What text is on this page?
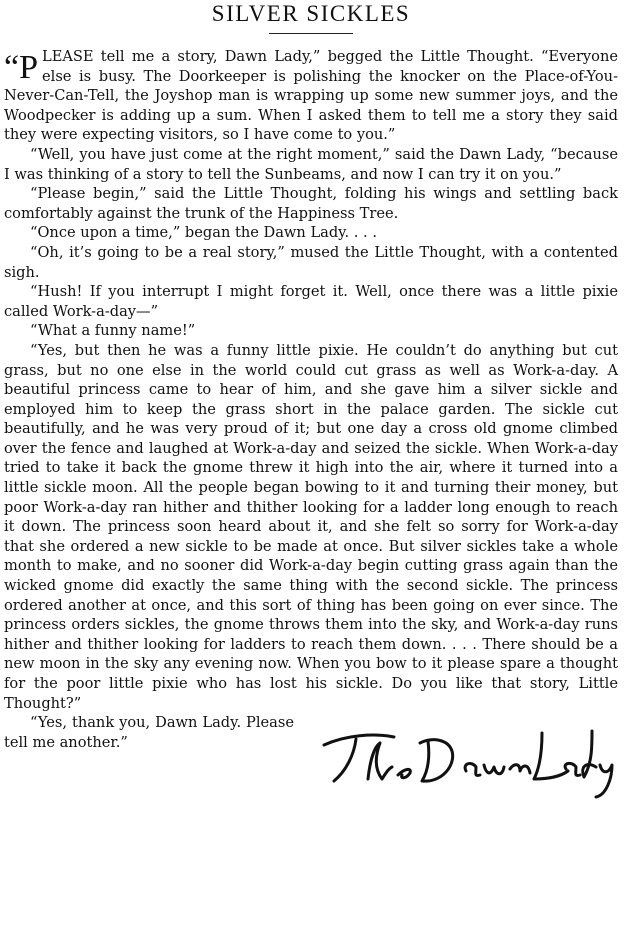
SILVER SICKLES

“P LEASE tell me a story, Dawn Lady,” begged the Little Thought. “Everyone else is busy. The Doorkeeper is polishing the knocker on the Place-of-You-Never-Can-Tell, the Joyshop man is wrapping up some new summer joys, and the Woodpecker is adding up a sum. When I asked them to tell me a story they said they were expecting visitors, so I have come to you.”

“Well, you have just come at the right moment,” said the Dawn Lady, “because I was thinking of a story to tell the Sunbeams, and now I can try it on you.”

“Please begin,” said the Little Thought, folding his wings and settling back comfortably against the trunk of the Happiness Tree.

“Once upon a time,” began the Dawn Lady. . . .

“Oh, it’s going to be a real story,” mused the Little Thought, with a contented sigh.

“Hush! If you interrupt I might forget it. Well, once there was a little pixie called Work-a-day—”

“What a funny name!”

“Yes, but then he was a funny little pixie. He couldn’t do anything but cut grass, but no one else in the world could cut grass as well as Work-a-day. A beautiful princess came to hear of him, and she gave him a silver sickle and employed him to keep the grass short in the palace garden. The sickle cut beautifully, and he was very proud of it; but one day a cross old gnome climbed over the fence and laughed at Work-a-day and seized the sickle. When Work-a-day tried to take it back the gnome threw it high into the air, where it turned into a little sickle moon. All the people began bowing to it and turning their money, but poor Work-a-day ran hither and thither looking for a ladder long enough to reach it down. The princess soon heard about it, and she felt so sorry for Work-a-day that she ordered a new sickle to be made at once. But silver sickles take a whole month to make, and no sooner did Work-a-day begin cutting grass again than the wicked gnome did exactly the same thing with the second sickle. The princess ordered another at once, and this sort of thing has been going on ever since. The princess orders sickles, the gnome throws them into the sky, and Work-a-day runs hither and thither looking for ladders to reach them down. . . . There should be a new moon in the sky any evening now. When you bow to it please spare a thought for the poor little pixie who has lost his sickle. Do you like that story, Little Thought?”

“Yes, thank you, Dawn Lady. Please tell me another.”
